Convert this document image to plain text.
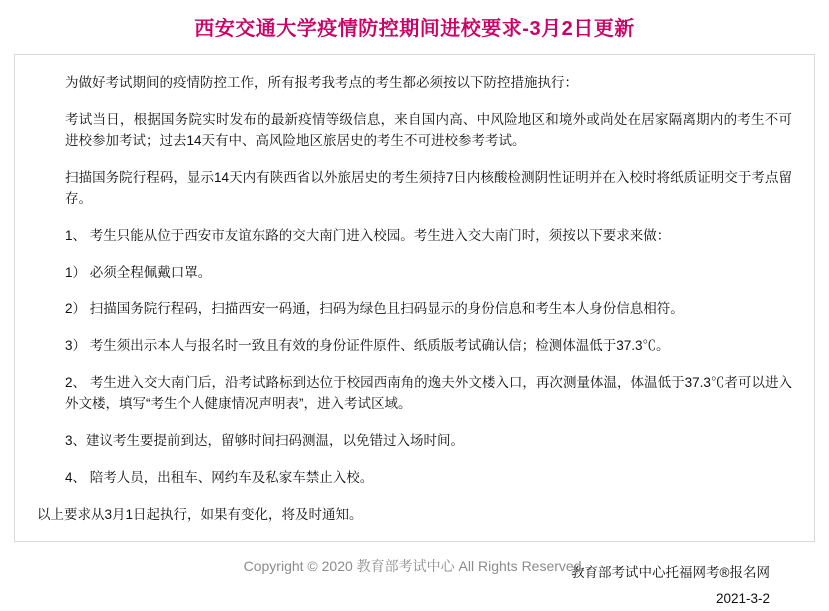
西安交通大学疫情防控期间进校要求-3月2日更新

为做好考试期间的疫情防控工作，所有报考我考点的考生都必须按以下防控措施执行：

考试当日，根据国务院实时发布的最新疫情等级信息，来自国内高、中风险地区和境外或尚处在居家隔离期内的考生不可进校参加考试；过去14天有中、高风险地区旅居史的考生不可进校参考考试。

扫描国务院行程码，显示14天内有陕西省以外旅居史的考生须持7日内核酸检测阴性证明并在入校时将纸质证明交于考点留存。

1、 考生只能从位于西安市友谊东路的交大南门进入校园。考生进入交大南门时，须按以下要求来做：

1） 必须全程佩戴口罩。

2） 扫描国务院行程码，扫描西安一码通，扫码为绿色且扫码显示的身份信息和考生本人身份信息相符。

3） 考生须出示本人与报名时一致且有效的身份证件原件、纸质版考试确认信；检测体温低于37.3℃。

2、 考生进入交大南门后，沿考试路标到达位于校园西南角的逸夫外文楼入口，再次测量体温，体温低于37.3℃者可以进入外文楼，填写“考生个人健康情况声明表”，进入考试区域。

3、建议考生要提前到达，留够时间扫码测温，以免错过入场时间。

4、 陪考人员，出租车、网约车及私家车禁止入校。

以上要求从3月1日起执行，如果有变化，将及时通知。

教育部考试中心托福网考®报名网
2021-3-2
Copyright © 2020 教育部考试中心 All Rights Reserved.
